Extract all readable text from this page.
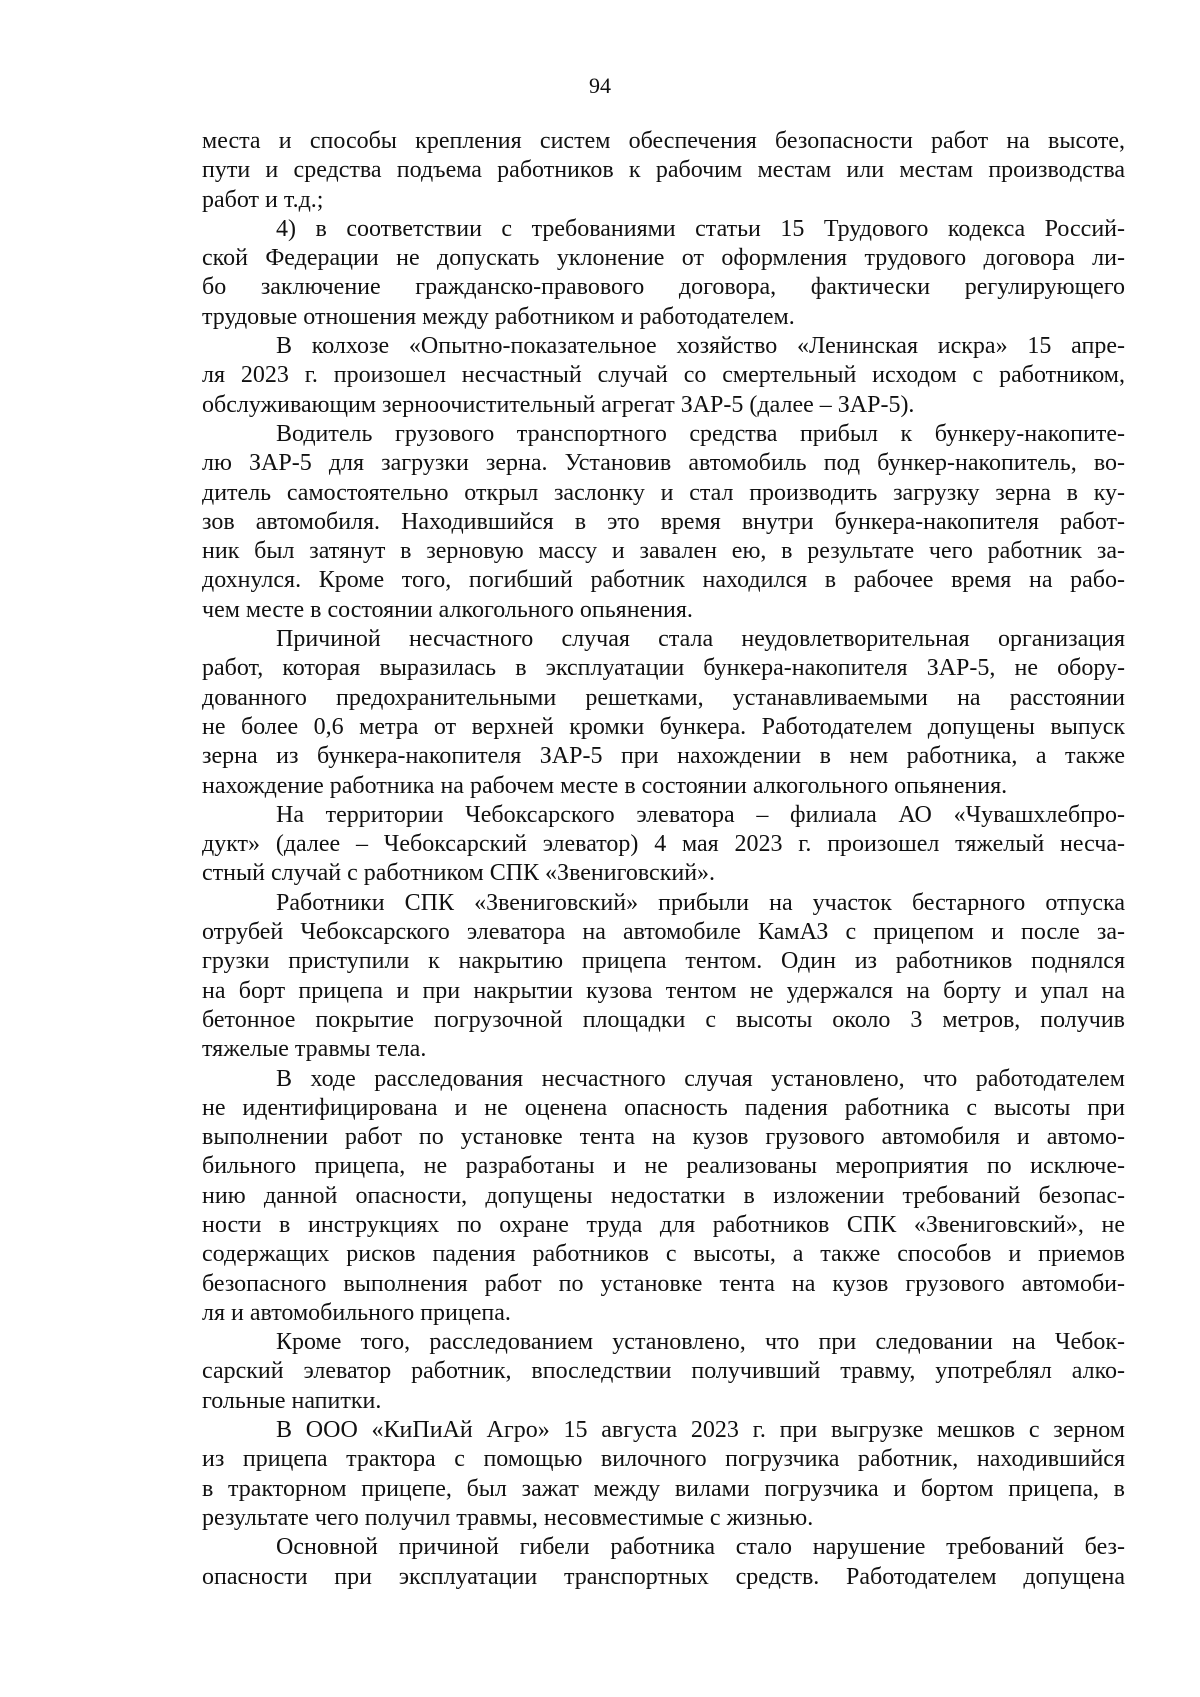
94
места и способы крепления систем обеспечения безопасности работ на высоте,
пути и средства подъема работников к рабочим местам или местам производства
работ и т.д.;
4) в соответствии с требованиями статьи 15 Трудового кодекса Россий-
ской Федерации не допускать уклонение от оформления трудового договора ли-
бо заключение гражданско-правового договора, фактически регулирующего
трудовые отношения между работником и работодателем.
В колхозе «Опытно-показательное хозяйство «Ленинская искра» 15 апре-
ля 2023 г. произошел несчастный случай со смертельный исходом с работником,
обслуживающим зерноочистительный агрегат ЗАР-5 (далее – ЗАР-5).
Водитель грузового транспортного средства прибыл к бункеру-накопите-
лю ЗАР-5 для загрузки зерна. Установив автомобиль под бункер-накопитель, во-
дитель самостоятельно открыл заслонку и стал производить загрузку зерна в ку-
зов автомобиля. Находившийся в это время внутри бункера-накопителя работ-
ник был затянут в зерновую массу и завален ею, в результате чего работник за-
дохнулся. Кроме того, погибший работник находился в рабочее время на рабо-
чем месте в состоянии алкогольного опьянения.
Причиной несчастного случая стала неудовлетворительная организация
работ, которая выразилась в эксплуатации бункера-накопителя ЗАР-5, не обору-
дованного предохранительными решетками, устанавливаемыми на расстоянии
не более 0,6 метра от верхней кромки бункера. Работодателем допущены выпуск
зерна из бункера-накопителя ЗАР-5 при нахождении в нем работника, а также
нахождение работника на рабочем месте в состоянии алкогольного опьянения.
На территории Чебоксарского элеватора – филиала АО «Чувашхлебпро-
дукт» (далее – Чебоксарский элеватор) 4 мая 2023 г. произошел тяжелый несча-
стный случай с работником СПК «Звениговский».
Работники СПК «Звениговский» прибыли на участок бестарного отпуска
отрубей Чебоксарского элеватора на автомобиле КамАЗ с прицепом и после за-
грузки приступили к накрытию прицепа тентом. Один из работников поднялся
на борт прицепа и при накрытии кузова тентом не удержался на борту и упал на
бетонное покрытие погрузочной площадки с высоты около 3 метров, получив
тяжелые травмы тела.
В ходе расследования несчастного случая установлено, что работодателем
не идентифицирована и не оценена опасность падения работника с высоты при
выполнении работ по установке тента на кузов грузового автомобиля и автомо-
бильного прицепа, не разработаны и не реализованы мероприятия по исключе-
нию данной опасности, допущены недостатки в изложении требований безопас-
ности в инструкциях по охране труда для работников СПК «Звениговский», не
содержащих рисков падения работников с высоты, а также способов и приемов
безопасного выполнения работ по установке тента на кузов грузового автомоби-
ля и автомобильного прицепа.
Кроме того, расследованием установлено, что при следовании на Чебок-
сарский элеватор работник, впоследствии получивший травму, употреблял алко-
гольные напитки.
В ООО «КиПиАй Агро» 15 августа 2023 г. при выгрузке мешков с зерном
из прицепа трактора с помощью вилочного погрузчика работник, находившийся
в тракторном прицепе, был зажат между вилами погрузчика и бортом прицепа, в
результате чего получил травмы, несовместимые с жизнью.
Основной причиной гибели работника стало нарушение требований без-
опасности при эксплуатации транспортных средств. Работодателем допущена
